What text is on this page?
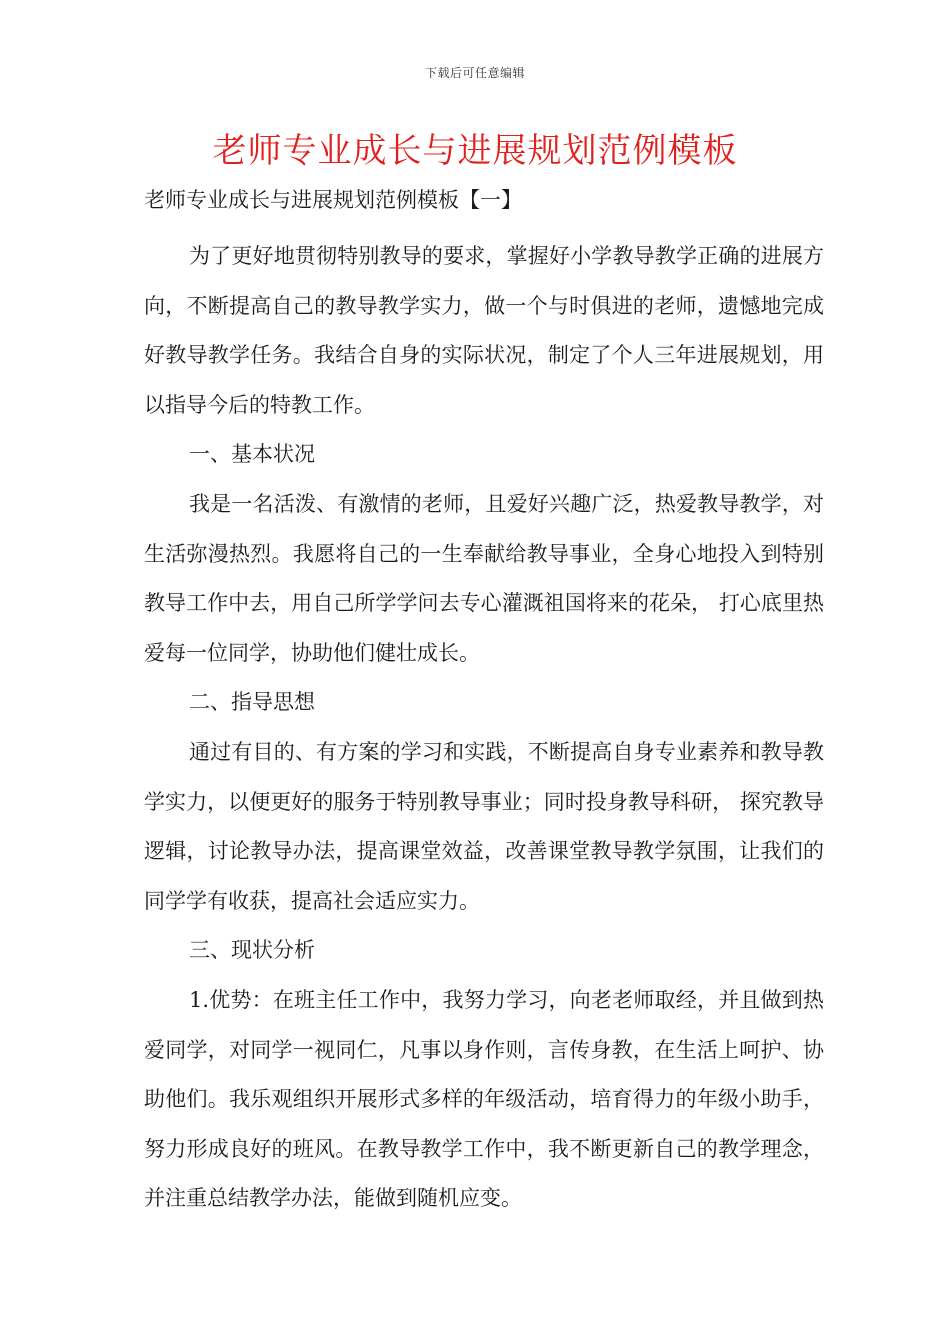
下载后可任意编辑
老师专业成长与进展规划范例模板
老师专业成长与进展规划范例模板【一】

为了更好地贯彻特别教导的要求，掌握好小学教导教学正确的进展方向，不断提高自己的教导教学实力，做一个与时俱进的老师，遗憾地完成好教导教学任务。我结合自身的实际状况，制定了个人三年进展规划，用以指导今后的特教工作。

一、基本状况

我是一名活泼、有激情的老师，且爱好兴趣广泛，热爱教导教学，对生活弥漫热烈。我愿将自己的一生奉献给教导事业，全身心地投入到特别教导工作中去，用自己所学学问去专心灌溉祖国将来的花朵， 打心底里热爱每一位同学，协助他们健壮成长。

二、指导思想

通过有目的、有方案的学习和实践，不断提高自身专业素养和教导教学实力，以便更好的服务于特别教导事业；同时投身教导科研， 探究教导逻辑，讨论教导办法，提高课堂效益，改善课堂教导教学氛围，让我们的同学学有收获，提高社会适应实力。

三、现状分析

1.优势：在班主任工作中，我努力学习，向老老师取经，并且做到热爱同学，对同学一视同仁，凡事以身作则，言传身教，在生活上呵护、协助他们。我乐观组织开展形式多样的年级活动，培育得力的年级小助手，努力形成良好的班风。在教导教学工作中，我不断更新自己的教学理念，并注重总结教学办法，能做到随机应变。
